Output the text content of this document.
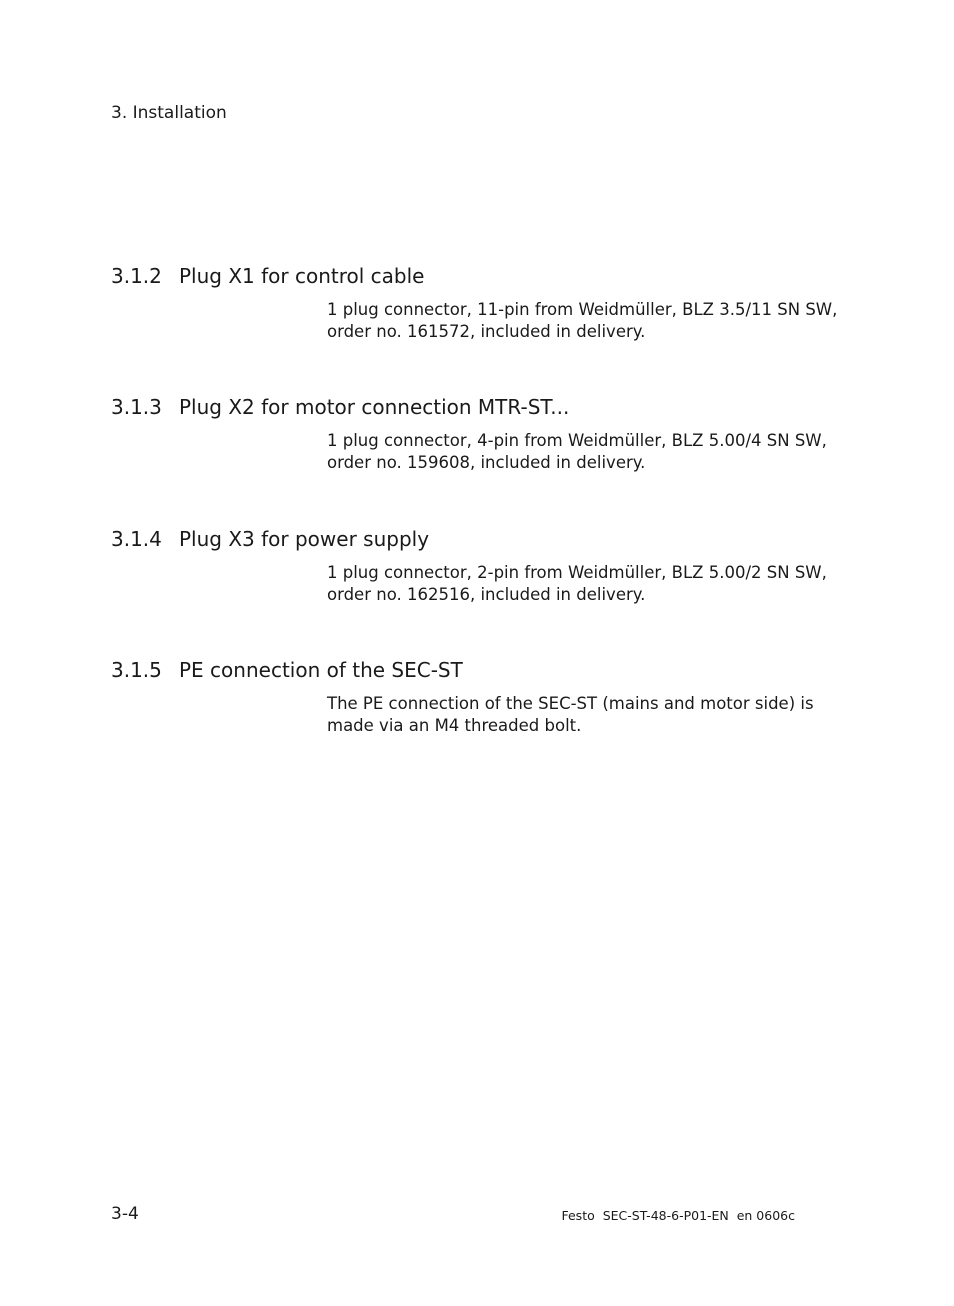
3. Installation
3.1.2 Plug X1 for control cable

1 plug connector, 11-pin from Weidmüller, BLZ 3.5/11 SN SW,

order no. 161572, included in delivery.

3.1.3 Plug X2 for motor connection MTR-ST...

1 plug connector, 4-pin from Weidmüller, BLZ 5.00/4 SN SW,

order no. 159608, included in delivery.

3.1.4 Plug X3 for power supply

1 plug connector, 2-pin from Weidmüller, BLZ 5.00/2 SN SW,

order no. 162516, included in delivery.

3.1.5 PE connection of the SEC-ST

The PE connection of the SEC-ST (mains and motor side) is

made via an M4 threaded bolt.

3-4	Festo  SEC-ST-48-6-P01-EN  en 0606c
